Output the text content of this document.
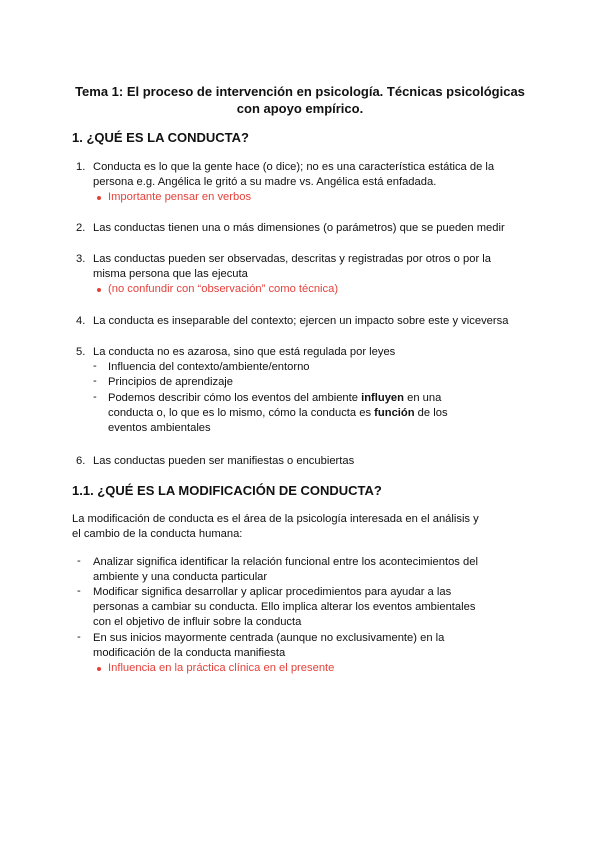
Tema 1: El proceso de intervención en psicología. Técnicas psicológicas
con apoyo empírico.
1. ¿QUÉ ES LA CONDUCTA?
1. Conducta es lo que la gente hace (o dice); no es una característica estática de la
persona e.g. Angélica le gritó a su madre vs. Angélica está enfadada.
Importante pensar en verbos
2. Las conductas tienen una o más dimensiones (o parámetros) que se pueden medir
3. Las conductas pueden ser observadas, descritas y registradas por otros o por la
misma persona que las ejecuta
(no confundir con “observación” como técnica)
4. La conducta es inseparable del contexto; ejercen un impacto sobre este y viceversa
5. La conducta no es azarosa, sino que está regulada por leyes
- Influencia del contexto/ambiente/entorno
- Principios de aprendizaje
- Podemos describir cómo los eventos del ambiente influyen en una
conducta o, lo que es lo mismo, cómo la conducta es función de los
eventos ambientales
6. Las conductas pueden ser manifiestas o encubiertas
1.1. ¿QUÉ ES LA MODIFICACIÓN DE CONDUCTA?
La modificación de conducta es el área de la psicología interesada en el análisis y
el cambio de la conducta humana:
- Analizar significa identificar la relación funcional entre los acontecimientos del
ambiente y una conducta particular
- Modificar significa desarrollar y aplicar procedimientos para ayudar a las
personas a cambiar su conducta. Ello implica alterar los eventos ambientales
con el objetivo de influir sobre la conducta
- En sus inicios mayormente centrada (aunque no exclusivamente) en la
modificación de la conducta manifiesta
Influencia en la práctica clínica en el presente
